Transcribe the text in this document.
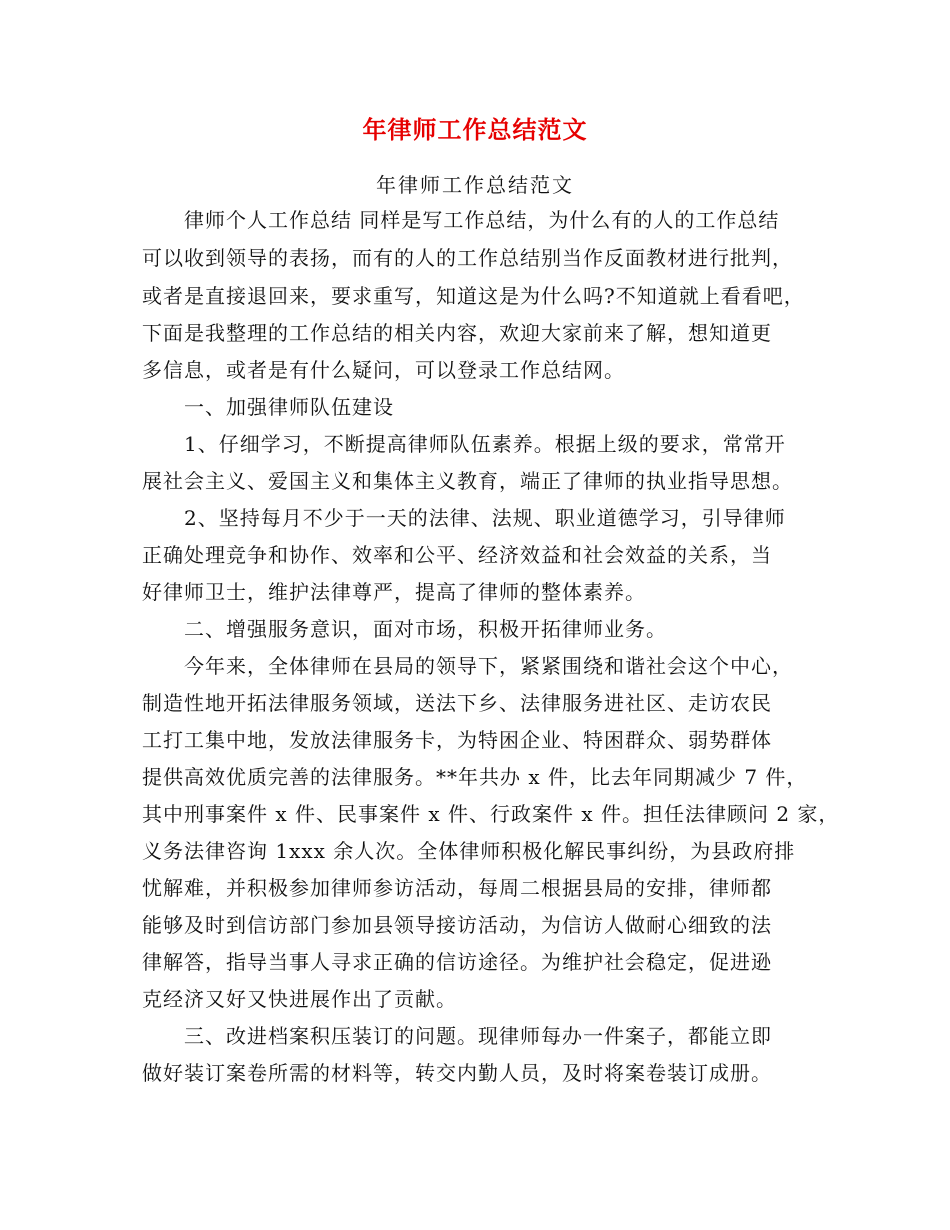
年律师工作总结范文
年律师工作总结范文
　　律师个人工作总结 同样是写工作总结，为什么有的人的工作总结
可以收到领导的表扬，而有的人的工作总结别当作反面教材进行批判，
或者是直接退回来，要求重写，知道这是为什么吗?不知道就上看看吧，
下面是我整理的工作总结的相关内容，欢迎大家前来了解，想知道更
多信息，或者是有什么疑问，可以登录工作总结网。
　　一、加强律师队伍建设
　　1、仔细学习，不断提高律师队伍素养。根据上级的要求，常常开
展社会主义、爱国主义和集体主义教育，端正了律师的执业指导思想。
　　2、坚持每月不少于一天的法律、法规、职业道德学习，引导律师
正确处理竞争和协作、效率和公平、经济效益和社会效益的关系，当
好律师卫士，维护法律尊严，提高了律师的整体素养。
　　二、增强服务意识，面对市场，积极开拓律师业务。
　　今年来，全体律师在县局的领导下，紧紧围绕和谐社会这个中心，
制造性地开拓法律服务领域，送法下乡、法律服务进社区、走访农民
工打工集中地，发放法律服务卡，为特困企业、特困群众、弱势群体
提供高效优质完善的法律服务。**年共办 x 件，比去年同期减少 7 件，
其中刑事案件 x 件、民事案件 x 件、行政案件 x 件。担任法律顾问 2 家，
义务法律咨询 1xxx 余人次。全体律师积极化解民事纠纷，为县政府排
忧解难，并积极参加律师参访活动，每周二根据县局的安排，律师都
能够及时到信访部门参加县领导接访活动，为信访人做耐心细致的法
律解答，指导当事人寻求正确的信访途径。为维护社会稳定，促进逊
克经济又好又快进展作出了贡献。
　　三、改进档案积压装订的问题。现律师每办一件案子，都能立即
做好装订案卷所需的材料等，转交内勤人员，及时将案卷装订成册。
